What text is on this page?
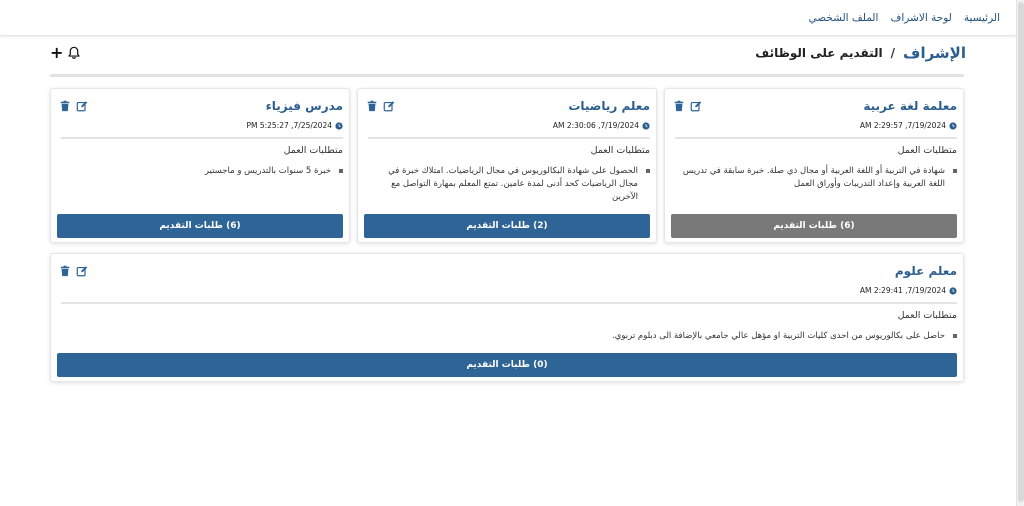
الرئيسية
لوحة الاشراف
الملف الشخصي
الإشراف
/
التقديم على الوظائف
+
معلمة لغة عربية
7/19/2024, 2:29:57 AM
متطلبات العمل
شهادة في التربية أو اللغة العربية أو مجال ذي صلة. خبرة سابقة في تدريس اللغة العربية وإعداد التدريبات وأوراق العمل
(6) طلبات التقديم
معلم رياضيات
7/19/2024, 2:30:06 AM
متطلبات العمل
الحصول على شهادة البكالوريوس في مجال الرياضيات. امتلاك خبرة في مجال الرياضيات كحد أدنى لمدة عامين. تمتع المعلم بمهارة التواصل مع الآخرين
(2) طلبات التقديم
مدرس فيزياء
7/25/2024, 5:25:27 PM
متطلبات العمل
خبرة 5 سنوات بالتدريس و ماجستير
(6) طلبات التقديم
معلم علوم
7/19/2024, 2:29:41 AM
متطلبات العمل
حاصل على بكالوريوس من احدى كليات التربية او مؤهل عالي جامعي بالإضافة الى دبلوم تربوي.
(0) طلبات التقديم
